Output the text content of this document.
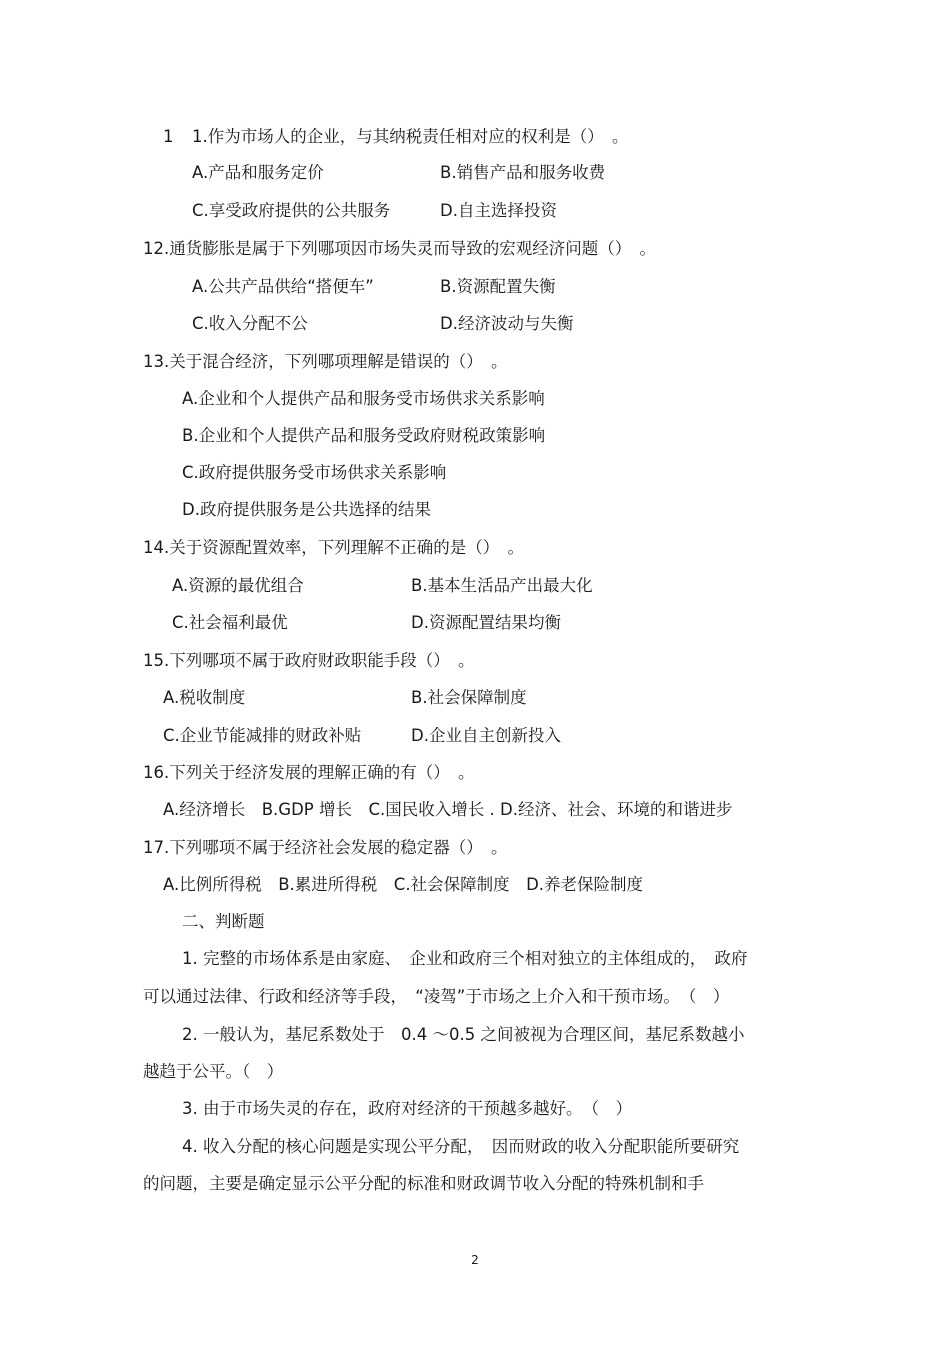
1 1.作为市场人的企业，与其纳税责任相对应的权利是（）　。
A.产品和服务定价	B.销售产品和服务收费
C.享受政府提供的公共服务	D.自主选择投资
12.通货膨胀是属于下列哪项因市场失灵而导致的宏观经济问题（）　。
A.公共产品供给“搭便车”	B.资源配置失衡
C.收入分配不公	D.经济波动与失衡
13.关于混合经济，下列哪项理解是错误的（）　。
A.企业和个人提供产品和服务受市场供求关系影响
B.企业和个人提供产品和服务受政府财税政策影响
C.政府提供服务受市场供求关系影响
D.政府提供服务是公共选择的结果
14.关于资源配置效率，下列理解不正确的是（）　。
A.资源的最优组合	B.基本生活品产出最大化
C.社会福利最优	D.资源配置结果均衡
15.下列哪项不属于政府财政职能手段（）　。
A.税收制度	B.社会保障制度
C.企业节能减排的财政补贴	D.企业自主创新投入
16.下列关于经济发展的理解正确的有（）　。
A.经济增长　B.GDP 增长　C.国民收入增长 . D.经济、社会、环境的和谐进步
17.下列哪项不属于经济社会发展的稳定器（）　。
A.比例所得税　B.累进所得税　C.社会保障制度　D.养老保险制度
二、判断题
1. 完整的市场体系是由家庭、　企业和政府三个相对独立的主体组成的，　政府
可以通过法律、行政和经济等手段，　“凌驾”于市场之上介入和干预市场。　（　）
2. 一般认为，基尼系数处于　0.4 ～0.5 之间被视为合理区间，基尼系数越小
越趋于公平。（　）
3. 由于市场失灵的存在，政府对经济的干预越多越好。　（　）
4. 收入分配的核心问题是实现公平分配，　因而财政的收入分配职能所要研究
的问题，主要是确定显示公平分配的标准和财政调节收入分配的特殊机制和手
2
